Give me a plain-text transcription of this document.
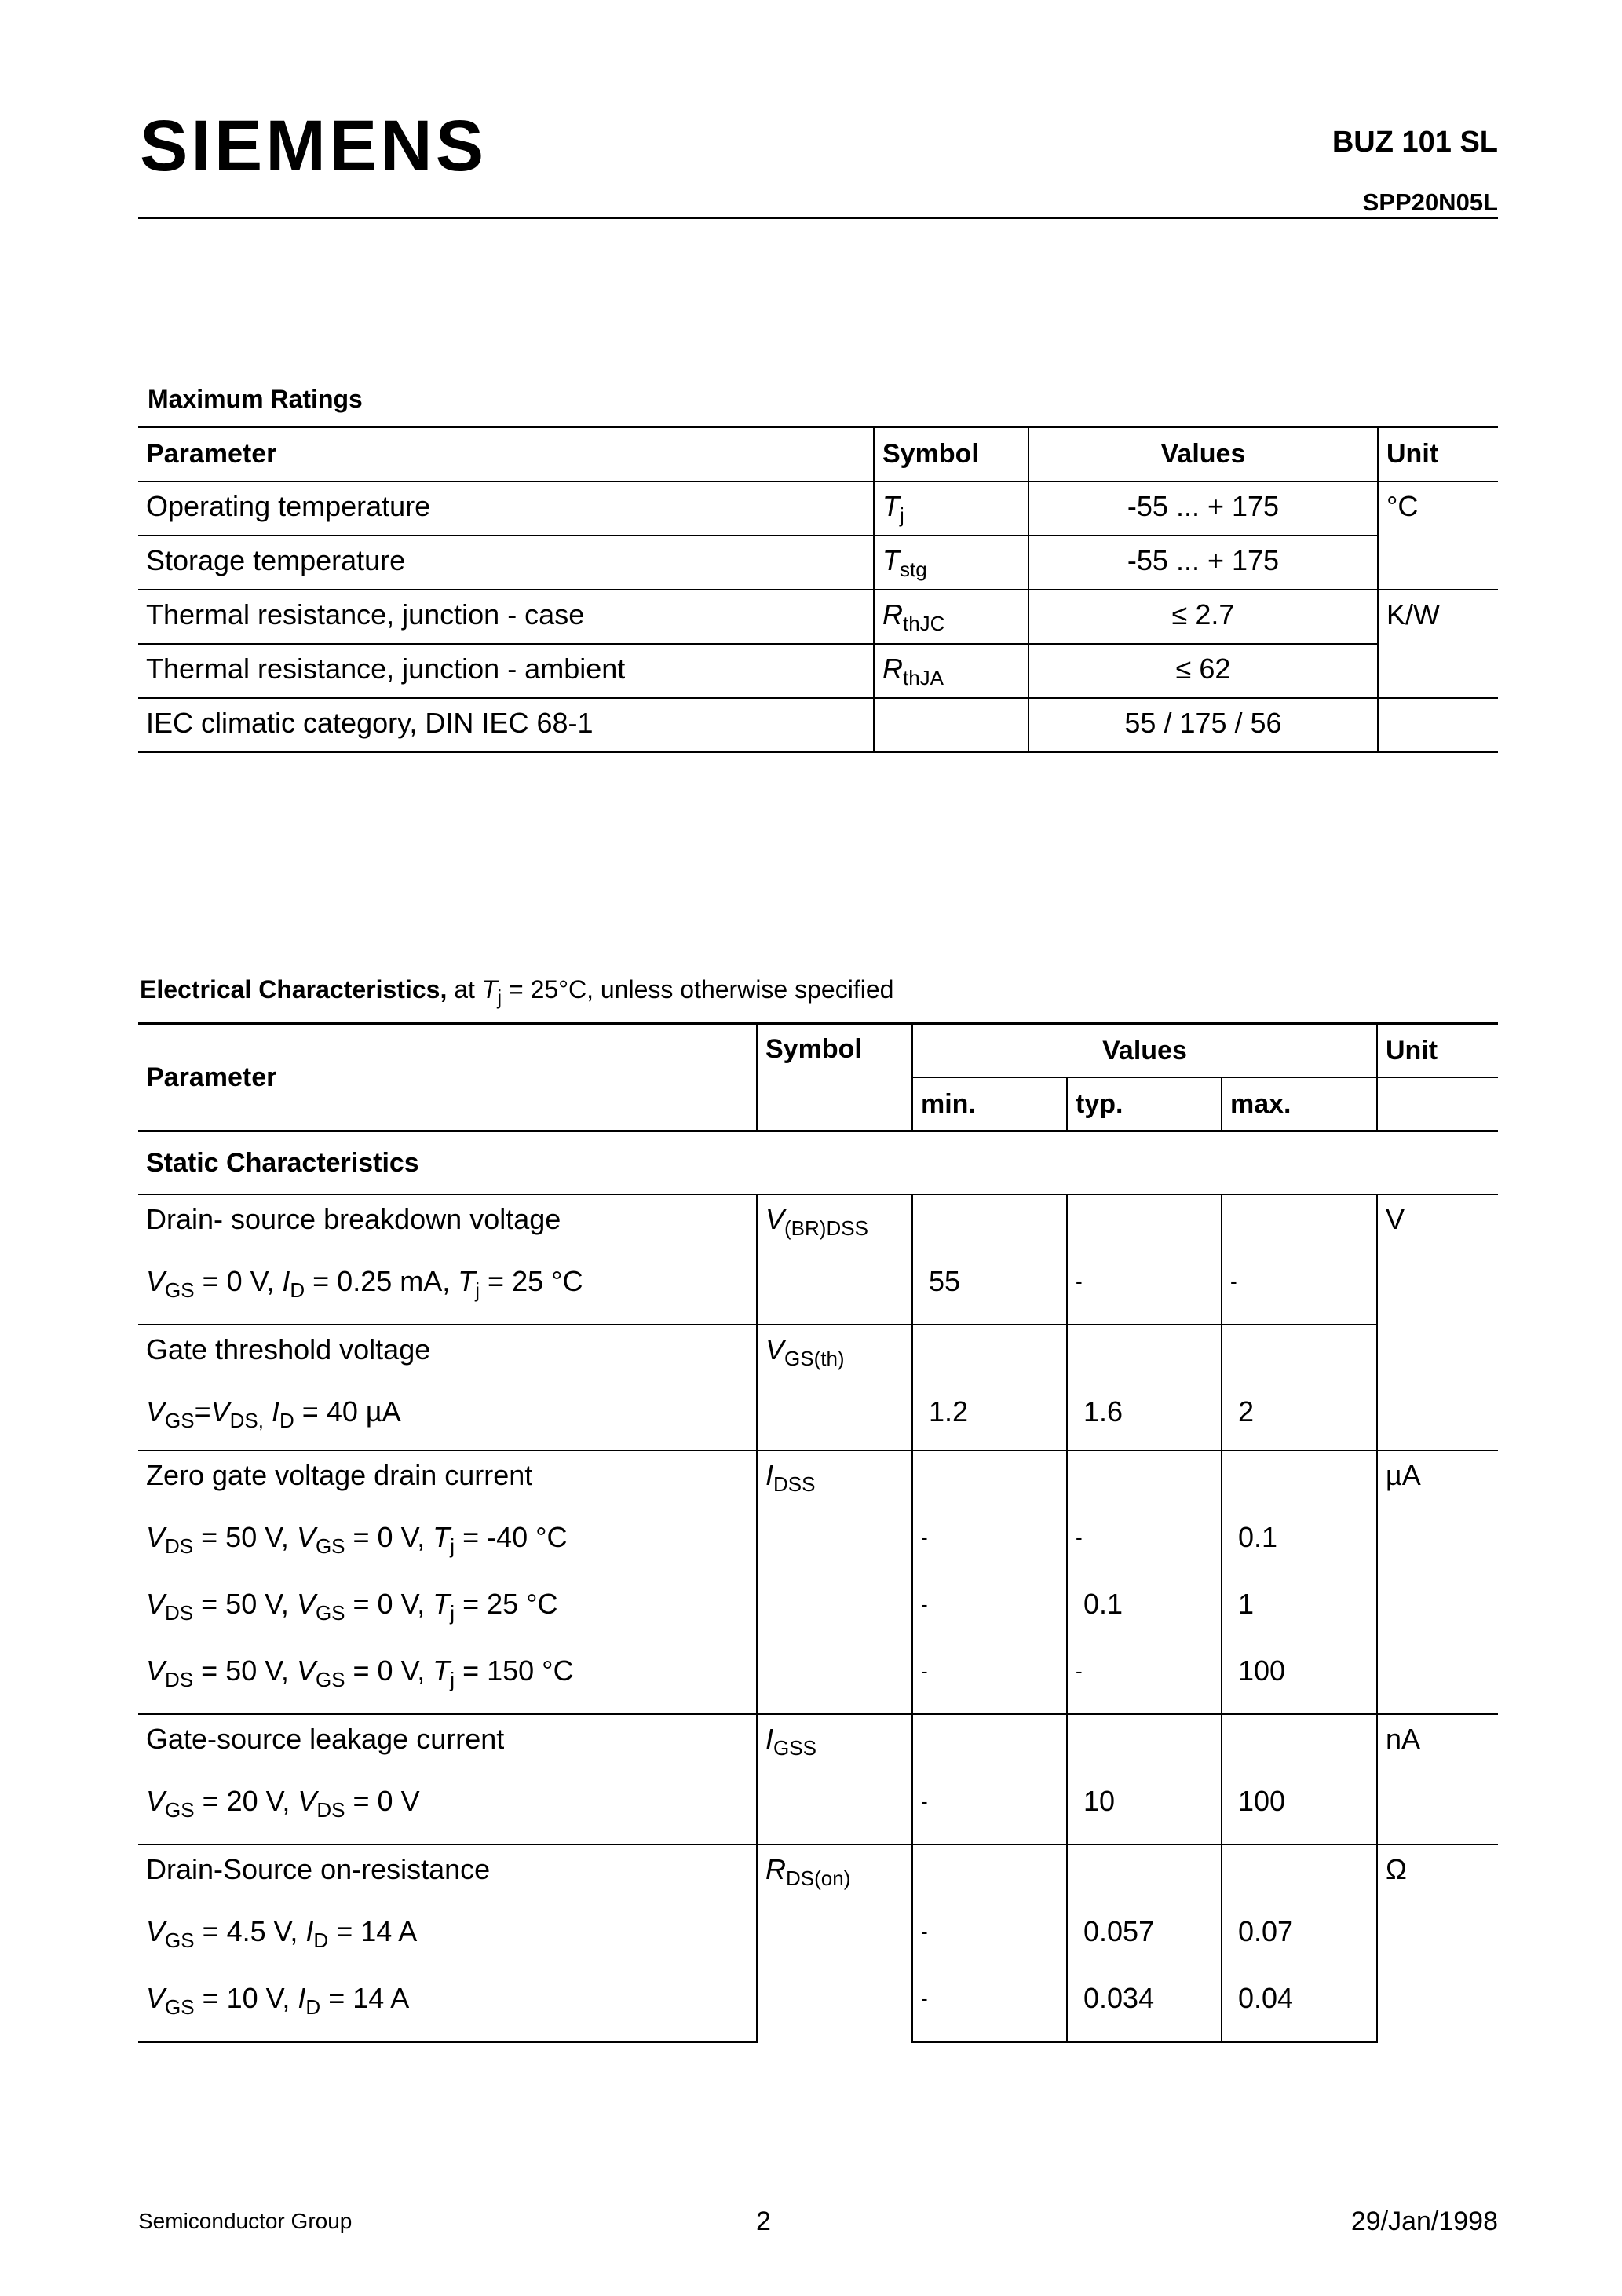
SIEMENS	BUZ 101 SL
SPP20N05L
Maximum Ratings
Parameter	Symbol	Values	Unit
Operating temperature	$T_j$	-55 ... + 175	°C
Storage temperature	$T_{stg}$	-55 ... + 175	
Thermal resistance, junction - case	$R_{thJC}$	≤ 2.7	K/W
Thermal resistance, junction - ambient	$R_{thJA}$	≤ 62	
IEC climatic category, DIN IEC 68-1		55 / 175 / 56	
Electrical Characteristics, at $T_j = 25^\circ C$, unless otherwise specified
Parameter	Symbol	Values			Unit
		min.	typ.	max.	
Static Characteristics					
Drain- source breakdown voltage	$V_{(BR)DSS}$				V
$V_{GS} = 0$ V, $I_D = 0.25$ mA, $T_j = 25$ °C		55	-	-	
Gate threshold voltage	$V_{GS(th)}$			
$V_{GS}=V_{DS,}$ $I_D = 40$ µA		1.2	1.6	2	
Zero gate voltage drain current	$I_{DSS}$				µA
$V_{DS} = 50$ V, $V_{GS} = 0$ V, $T_j = -40$ °C		-	-	0.1	
$V_{DS} = 50$ V, $V_{GS} = 0$ V, $T_j = 25$ °C		-	0.1	1	
$V_{DS} = 50$ V, $V_{GS} = 0$ V, $T_j = 150$ °C		-	-	100	
Gate-source leakage current	$I_{GSS}$				nA
$V_{GS} = 20$ V, $V_{DS} = 0$ V		-	10	100	
Drain-Source on-resistance	$R_{DS(on)}$				Ω
$V_{GS} = 4.5$ V, $I_D = 14$ A		-	0.057	0.07	
$V_{GS} = 10$ V, $I_D = 14$ A		-	0.034	0.04	
Semiconductor Group	2	29/Jan/1998
